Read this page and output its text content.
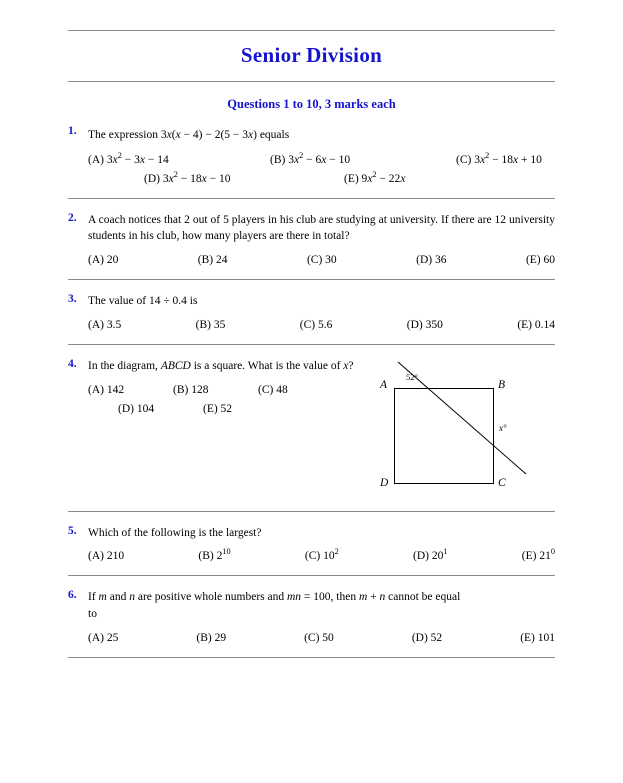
Senior Division
Questions 1 to 10, 3 marks each
1. The expression 3x(x − 4) − 2(5 − 3x) equals
(A) $3x^2 - 3x - 14$	(B) $3x^2 - 6x - 10$	(C) $3x^2 - 18x + 10$
(D) $3x^2 - 18x - 10$	(E) $9x^2 - 22x$
2. A coach notices that 2 out of 5 players in his club are studying at university. If there are 12 university students in his club, how many players are there in total?
(A) 20	(B) 24	(C) 30	(D) 36	(E) 60
3. The value of 14 ÷ 0.4 is
(A) 3.5	(B) 35	(C) 5.6	(D) 350	(E) 0.14
4. In the diagram, ABCD is a square. What is the value of x?
(A) 142	(B) 128	(C) 48
(D) 104	(E) 52
A	B
D	C
52°
x°
5. Which of the following is the largest?
(A) 210	(B) $2^{10}$	(C) $10^2$	(D) $20^1$	(E) $21^0$
6. If m and n are positive whole numbers and mn = 100, then m + n cannot be equal

to
(A) 25	(B) 29	(C) 50	(D) 52	(E) 101
